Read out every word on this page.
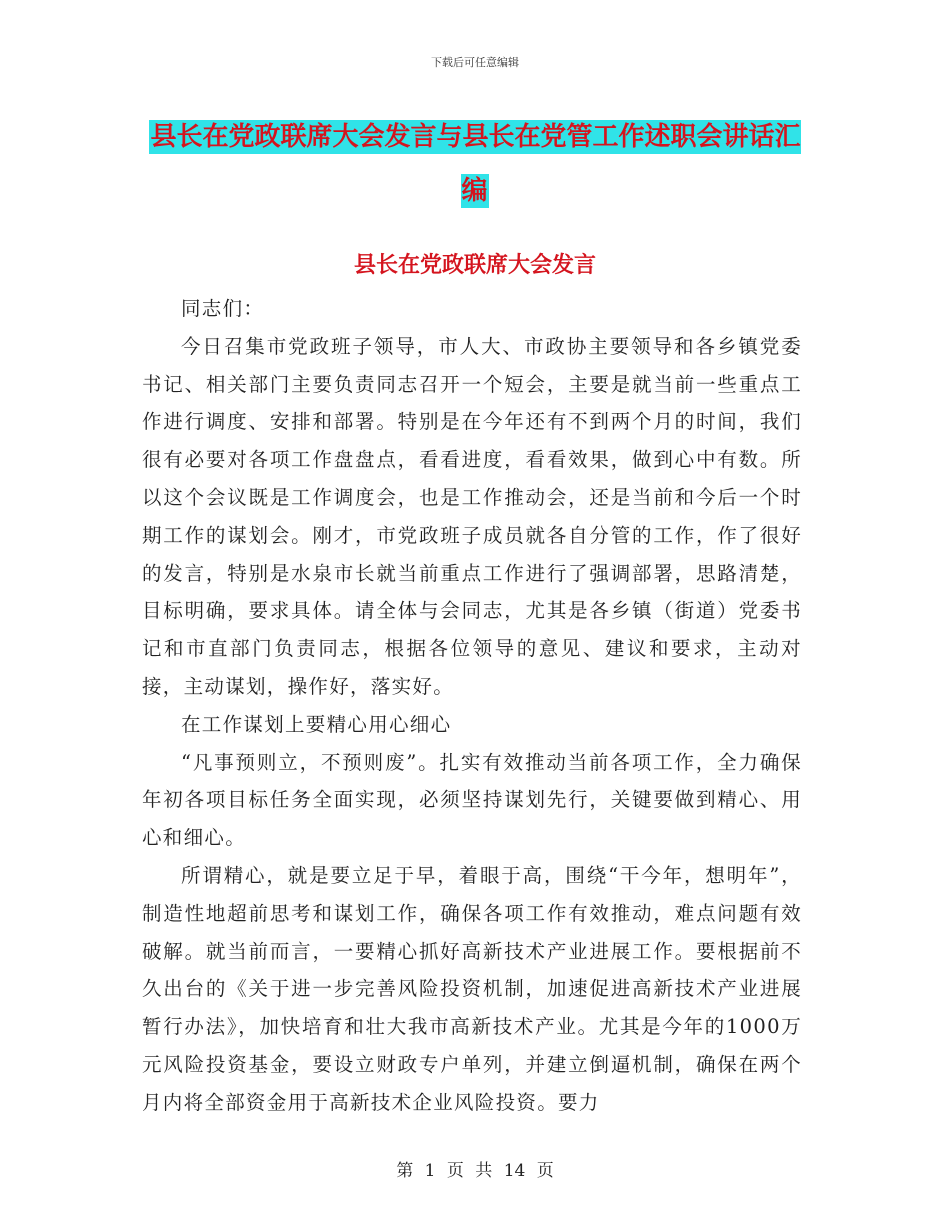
下载后可任意编辑
县长在党政联席大会发言与县长在党管工作述职会讲话汇编
县长在党政联席大会发言

同志们：

今日召集市党政班子领导，市人大、市政协主要领导和各乡镇党委书记、相关部门主要负责同志召开一个短会，主要是就当前一些重点工作进行调度、安排和部署。特别是在今年还有不到两个月的时间，我们很有必要对各项工作盘盘点，看看进度，看看效果，做到心中有数。所以这个会议既是工作调度会，也是工作推动会，还是当前和今后一个时期工作的谋划会。刚才，市党政班子成员就各自分管的工作，作了很好的发言，特别是水泉市长就当前重点工作进行了强调部署，思路清楚，目标明确，要求具体。请全体与会同志，尤其是各乡镇（街道）党委书记和市直部门负责同志，根据各位领导的意见、建议和要求，主动对接，主动谋划，操作好，落实好。

在工作谋划上要精心用心细心

“凡事预则立，不预则废”。扎实有效推动当前各项工作，全力确保年初各项目标任务全面实现，必须坚持谋划先行，关键要做到精心、用心和细心。

所谓精心，就是要立足于早，着眼于高，围绕“干今年，想明年”，制造性地超前思考和谋划工作，确保各项工作有效推动，难点问题有效破解。就当前而言，一要精心抓好高新技术产业进展工作。要根据前不久出台的《关于进一步完善风险投资机制，加速促进高新技术产业进展暂行办法》，加快培育和壮大我市高新技术产业。尤其是今年的1000万元风险投资基金，要设立财政专户单列，并建立倒逼机制，确保在两个月内将全部资金用于高新技术企业风险投资。要力

第 1 页 共 14 页
